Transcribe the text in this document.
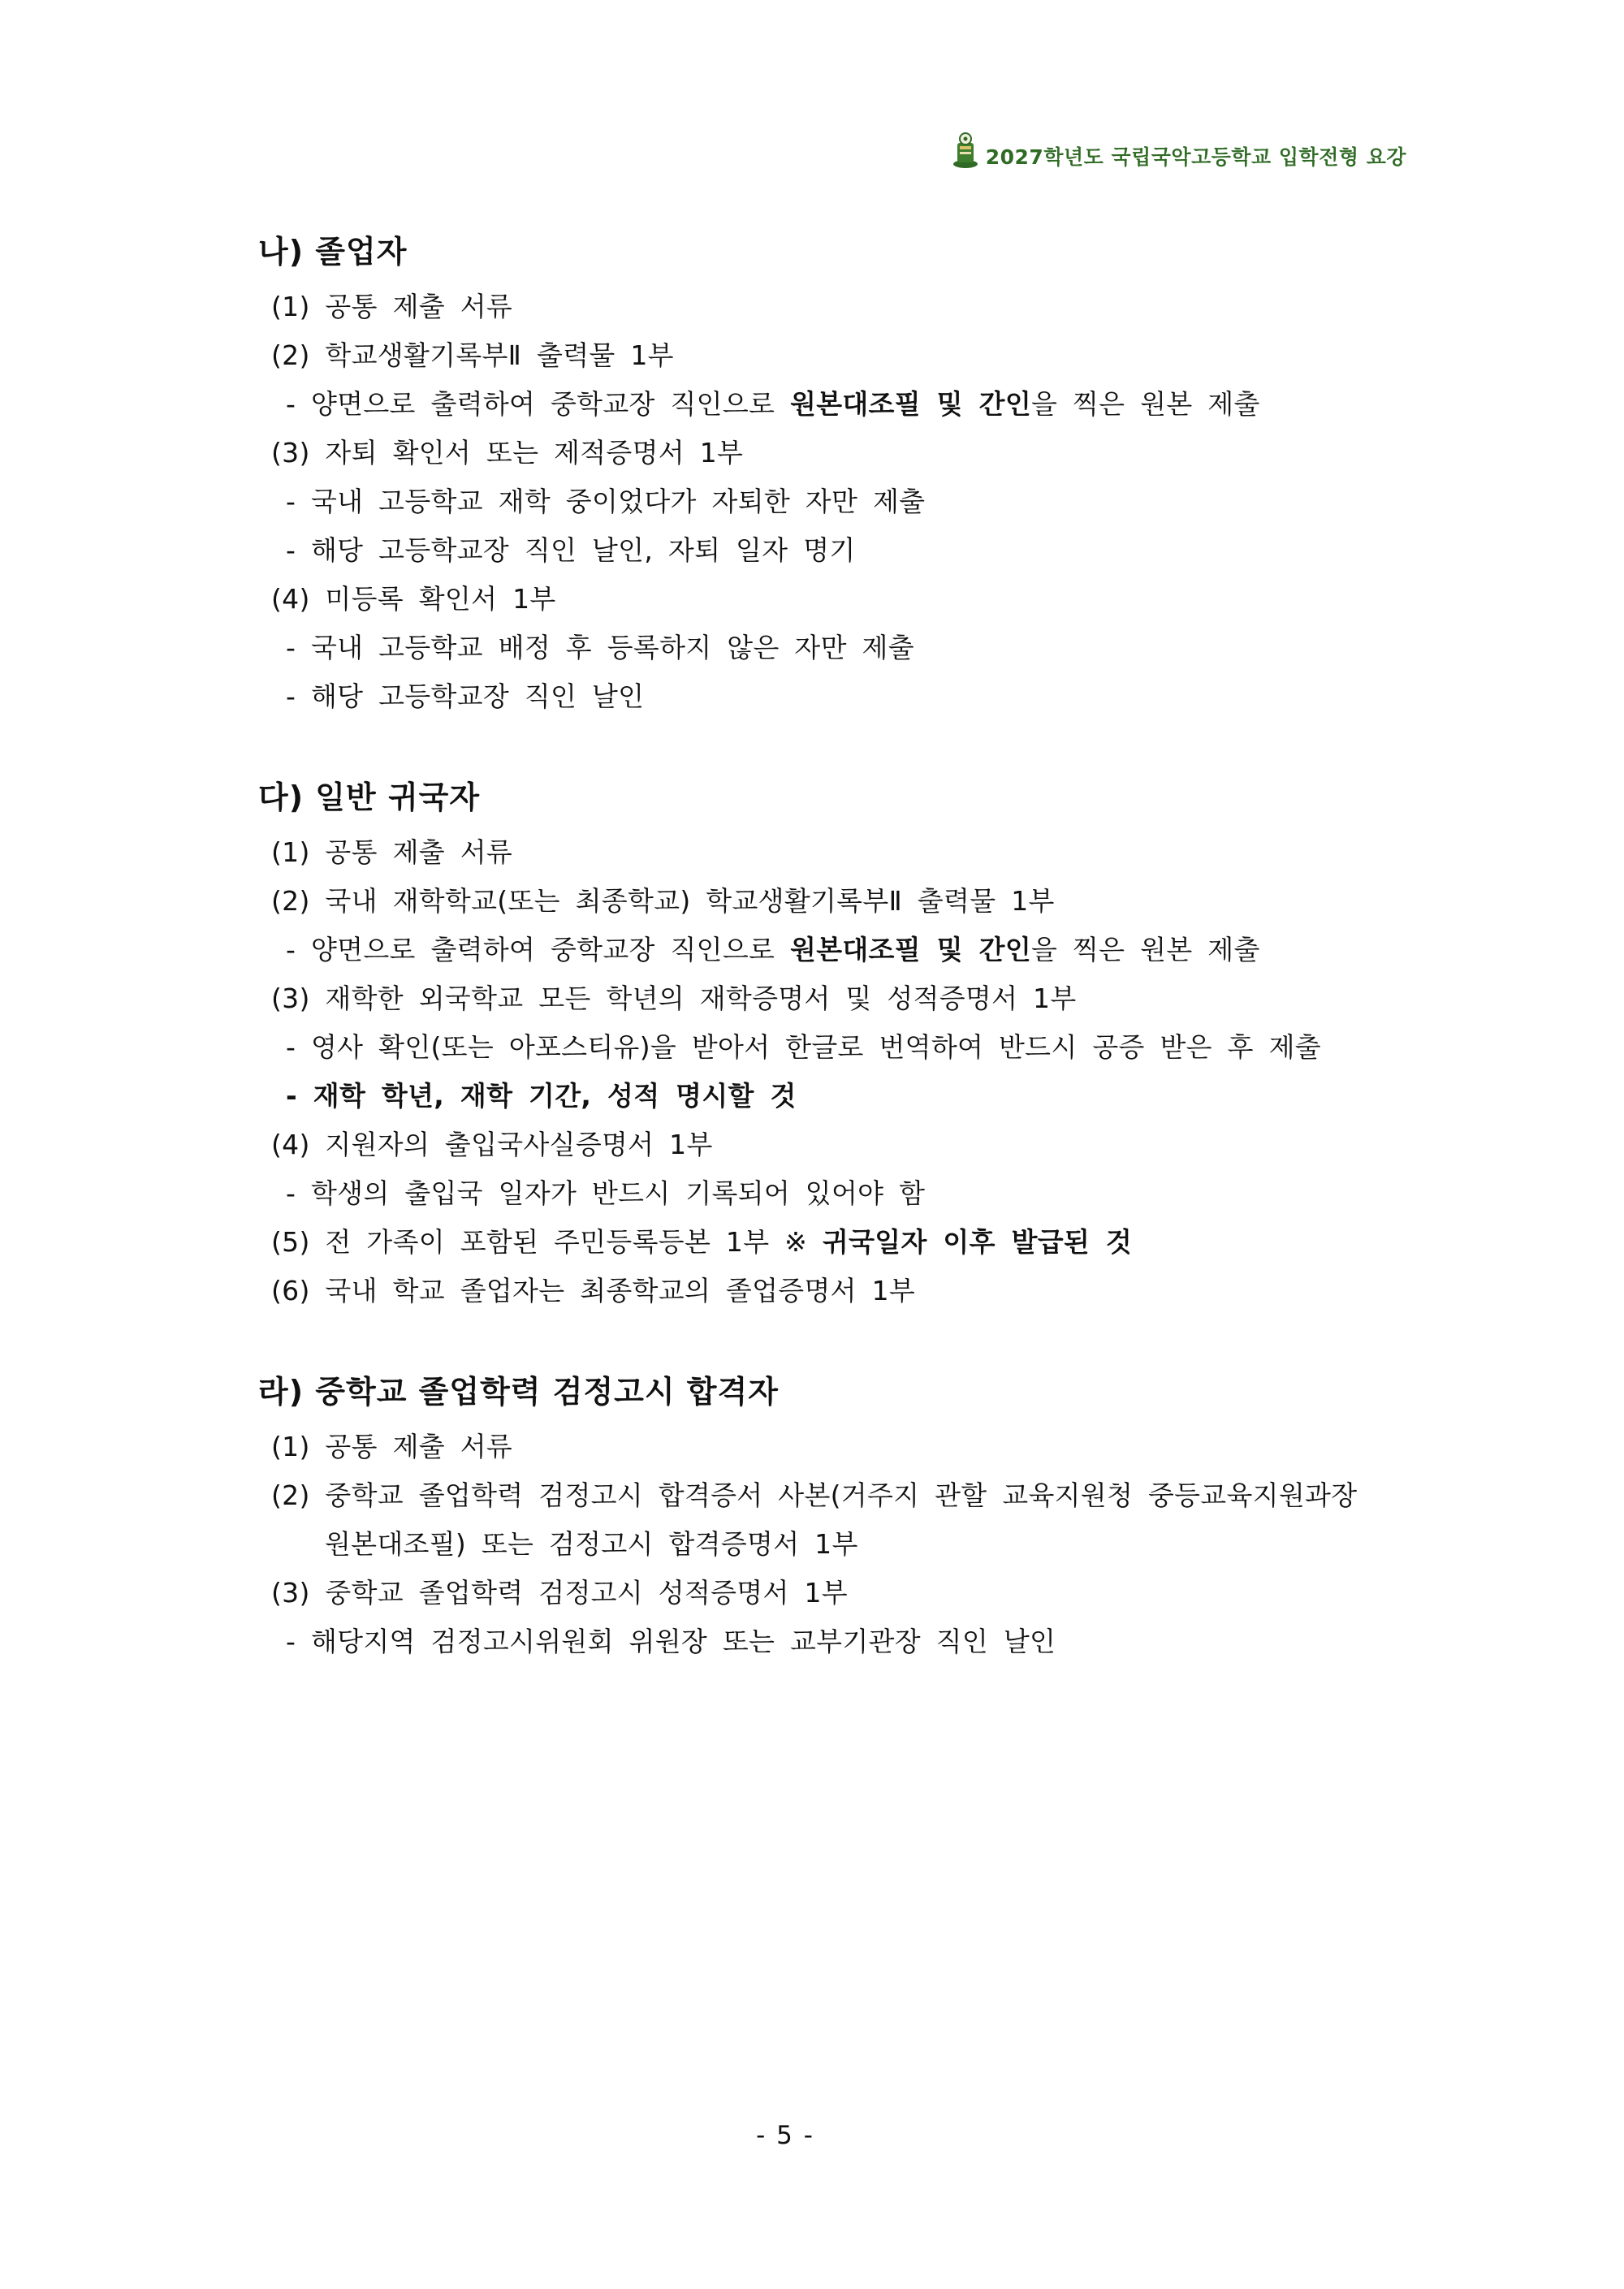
2027학년도 국립국악고등학교 입학전형 요강
나) 졸업자
(1) 공통 제출 서류
(2) 학교생활기록부Ⅱ 출력물 1부
- 양면으로 출력하여 중학교장 직인으로 원본대조필 및 간인을 찍은 원본 제출
(3) 자퇴 확인서 또는 제적증명서 1부
- 국내 고등학교 재학 중이었다가 자퇴한 자만 제출
- 해당 고등학교장 직인 날인, 자퇴 일자 명기
(4) 미등록 확인서 1부
- 국내 고등학교 배정 후 등록하지 않은 자만 제출
- 해당 고등학교장 직인 날인
다) 일반 귀국자
(1) 공통 제출 서류
(2) 국내 재학학교(또는 최종학교) 학교생활기록부Ⅱ 출력물 1부
- 양면으로 출력하여 중학교장 직인으로 원본대조필 및 간인을 찍은 원본 제출
(3) 재학한 외국학교 모든 학년의 재학증명서 및 성적증명서 1부
- 영사 확인(또는 아포스티유)을 받아서 한글로 번역하여 반드시 공증 받은 후 제출
- 재학 학년, 재학 기간, 성적 명시할 것
(4) 지원자의 출입국사실증명서 1부
- 학생의 출입국 일자가 반드시 기록되어 있어야 함
(5) 전 가족이 포함된 주민등록등본 1부 ※ 귀국일자 이후 발급된 것
(6) 국내 학교 졸업자는 최종학교의 졸업증명서 1부
라) 중학교 졸업학력 검정고시 합격자
(1) 공통 제출 서류
(2) 중학교 졸업학력 검정고시 합격증서 사본(거주지 관할 교육지원청 중등교육지원과장
원본대조필) 또는 검정고시 합격증명서 1부
(3) 중학교 졸업학력 검정고시 성적증명서 1부
- 해당지역 검정고시위원회 위원장 또는 교부기관장 직인 날인
- 5 -
